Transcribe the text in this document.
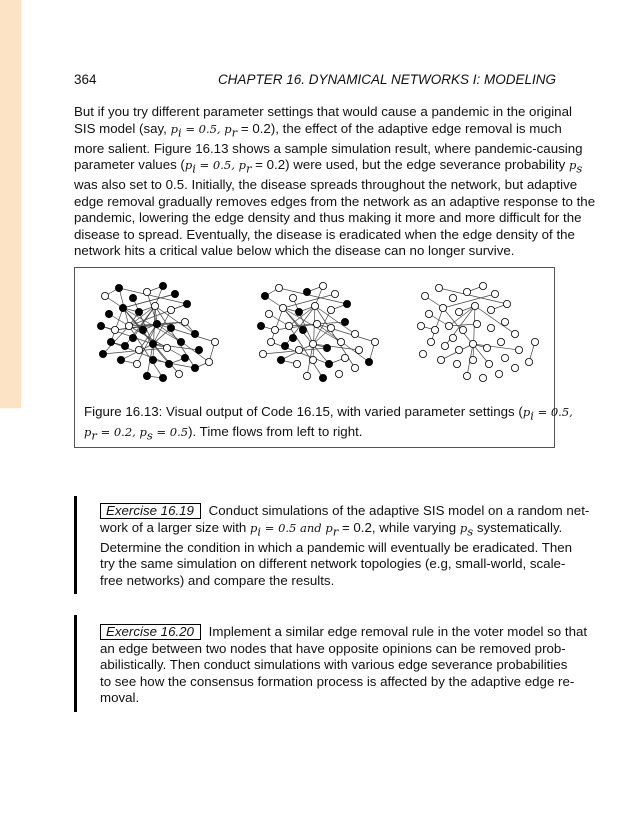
364	CHAPTER 16. DYNAMICAL NETWORKS I: MODELING
But if you try different parameter settings that would cause a pandemic in the original
SIS model (say, $p_i = 0.5$, $p_r = 0.2$), the effect of the adaptive edge removal is much
more salient. Figure 16.13 shows a sample simulation result, where pandemic-causing
parameter values ($p_i = 0.5$, $p_r = 0.2$) were used, but the edge severance probability $p_s$
was also set to 0.5. Initially, the disease spreads throughout the network, but adaptive
edge removal gradually removes edges from the network as an adaptive response to the
pandemic, lowering the edge density and thus making it more and more difficult for the
disease to spread. Eventually, the disease is eradicated when the edge density of the
network hits a critical value below which the disease can no longer survive.
Figure 16.13: Visual output of Code 16.15, with varied parameter settings ($p_i = 0.5$,
$p_r = 0.2$, $p_s = 0.5$). Time flows from left to right.
Exercise 16.19 Conduct simulations of the adaptive SIS model on a random net-
work of a larger size with $p_i = 0.5$ and $p_r = 0.2$, while varying $p_s$ systematically.
Determine the condition in which a pandemic will eventually be eradicated. Then
try the same simulation on different network topologies (e.g, small-world, scale-
free networks) and compare the results.
Exercise 16.20 Implement a similar edge removal rule in the voter model so that
an edge between two nodes that have opposite opinions can be removed prob-
abilistically. Then conduct simulations with various edge severance probabilities
to see how the consensus formation process is affected by the adaptive edge re-
moval.
